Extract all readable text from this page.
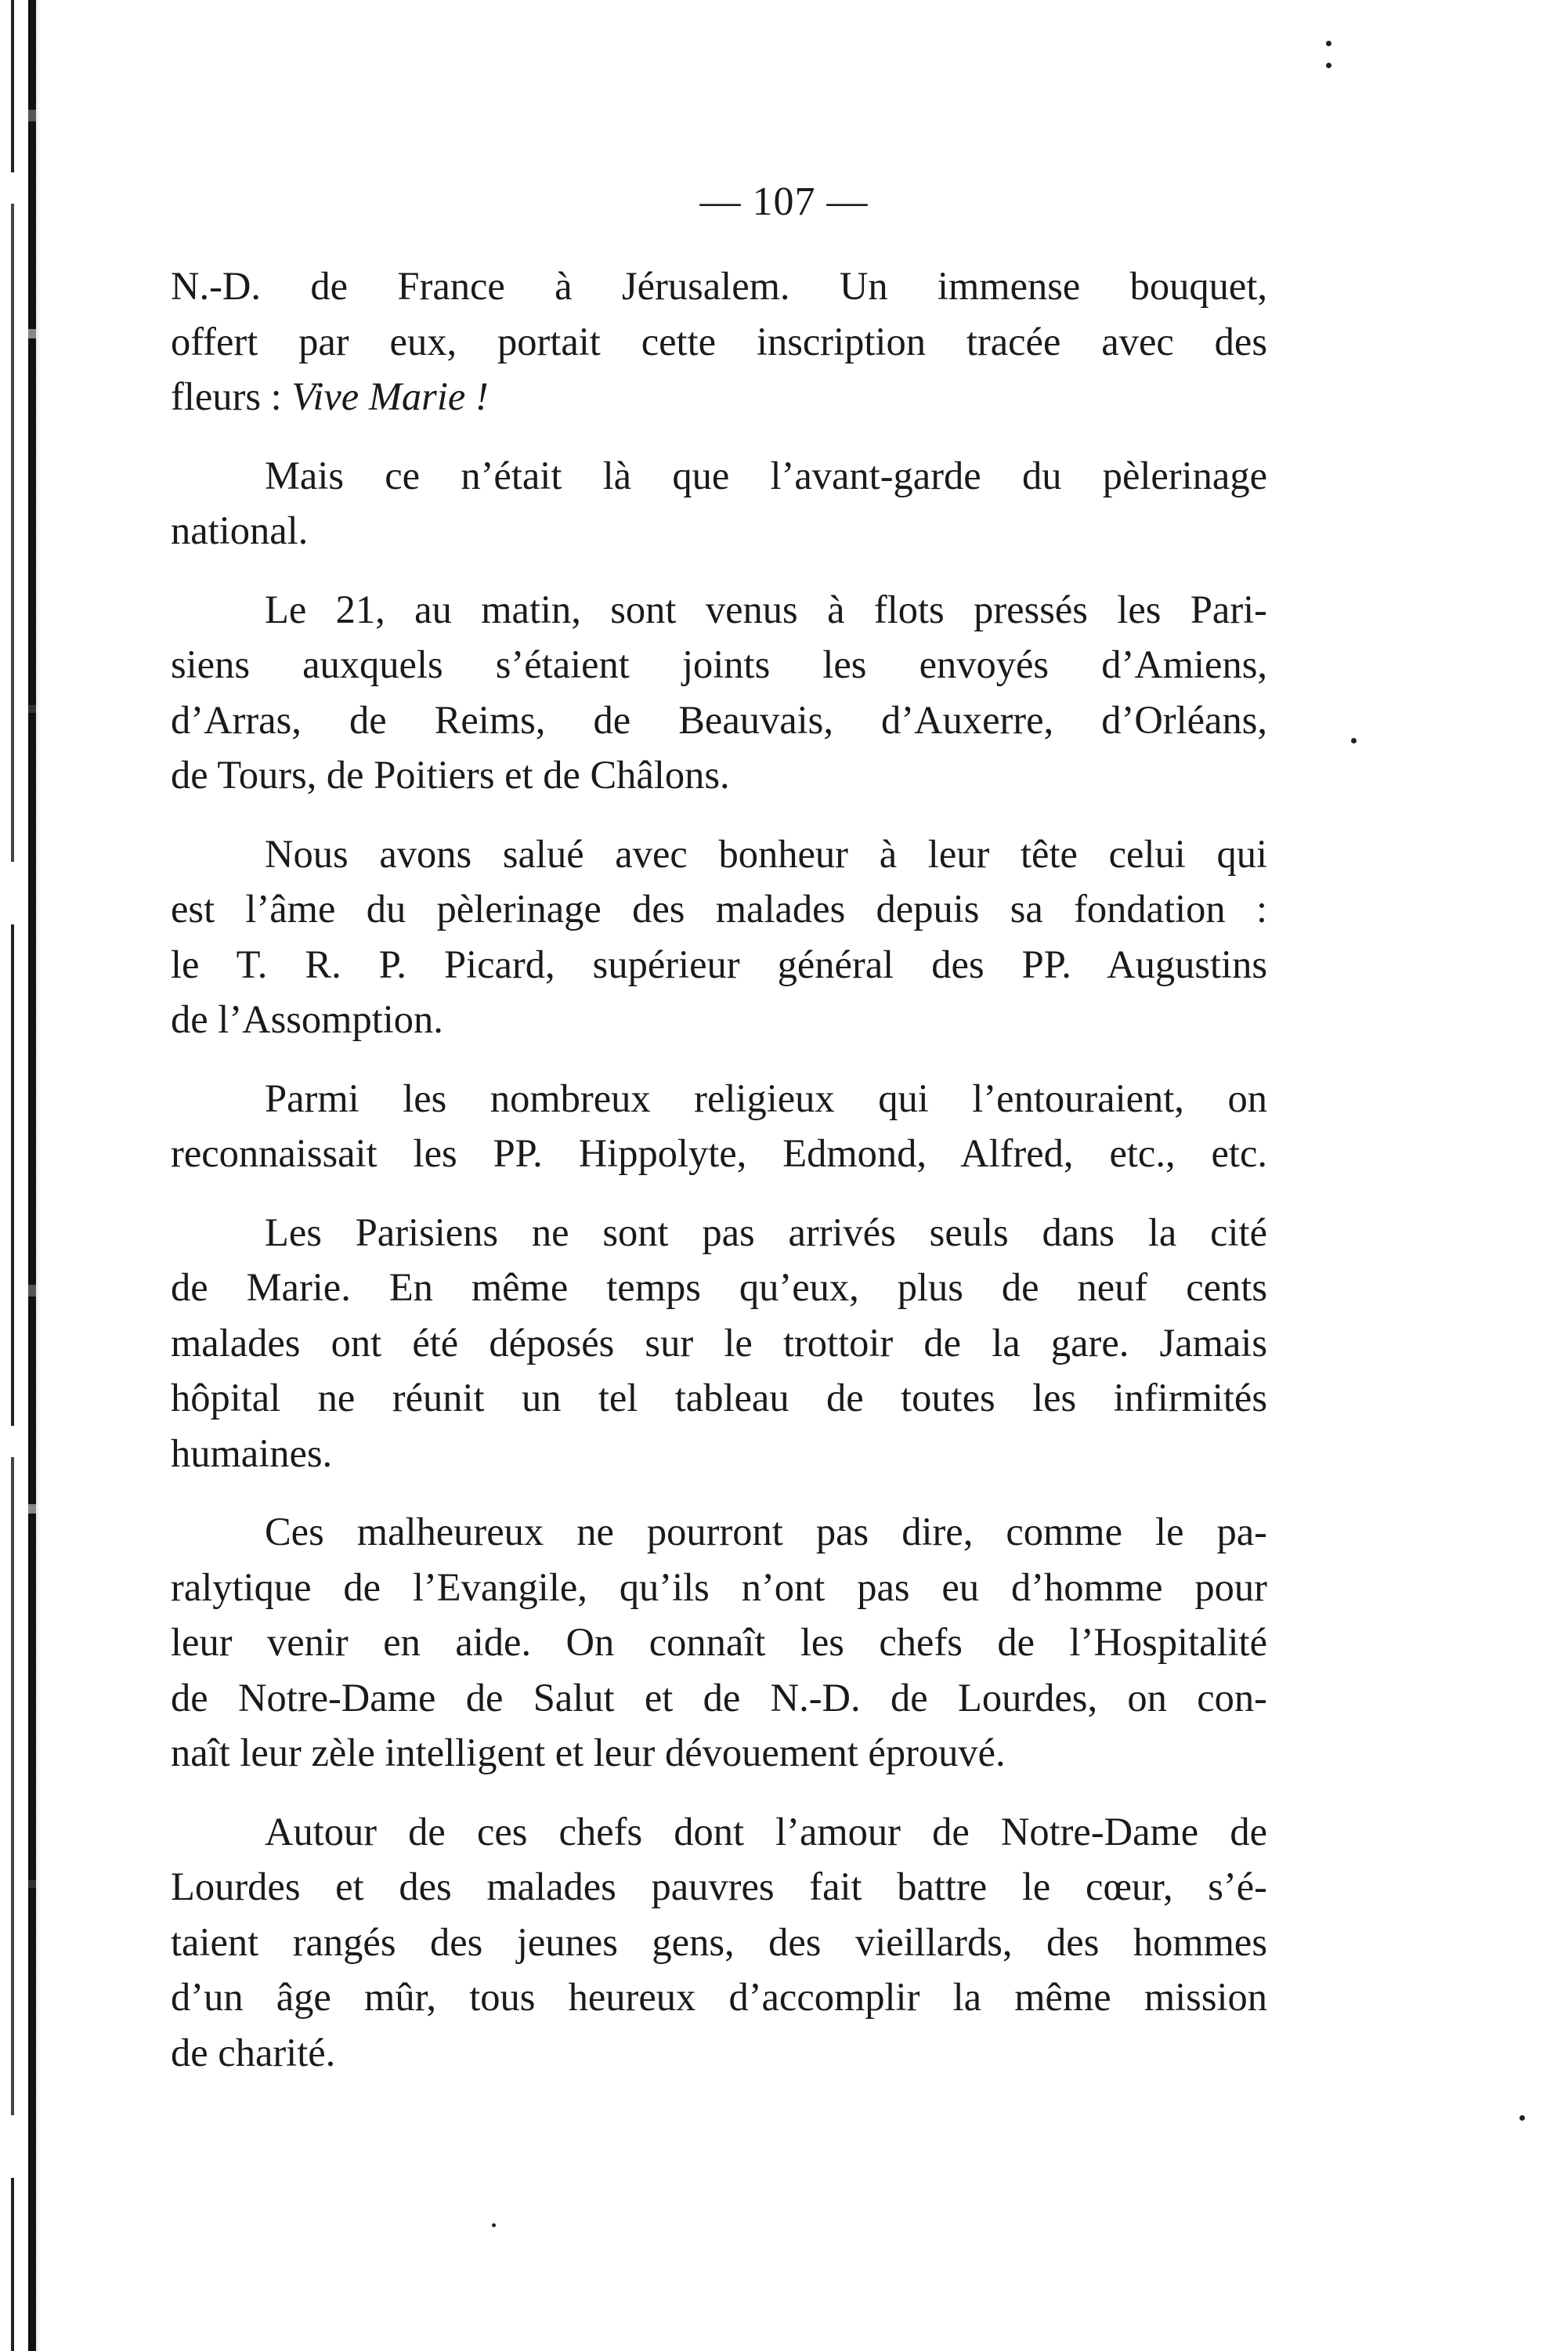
— 107 —

N.-D. de France à Jérusalem. Un immense bouquet,
offert par eux, portait cette inscription tracée avec des
fleurs : Vive Marie !

Mais ce n’était là que l’avant-garde du pèlerinage
national.

Le 21, au matin, sont venus à flots pressés les Pari-
siens auxquels s’étaient joints les envoyés d’Amiens,
d’Arras, de Reims, de Beauvais, d’Auxerre, d’Orléans,
de Tours, de Poitiers et de Châlons.

Nous avons salué avec bonheur à leur tête celui qui
est l’âme du pèlerinage des malades depuis sa fondation :
le T. R. P. Picard, supérieur général des PP. Augustins
de l’Assomption.

Parmi les nombreux religieux qui l’entouraient, on
reconnaissait les PP. Hippolyte, Edmond, Alfred, etc., etc.

Les Parisiens ne sont pas arrivés seuls dans la cité
de Marie. En même temps qu’eux, plus de neuf cents
malades ont été déposés sur le trottoir de la gare. Jamais
hôpital ne réunit un tel tableau de toutes les infirmités
humaines.

Ces malheureux ne pourront pas dire, comme le pa-
ralytique de l’Evangile, qu’ils n’ont pas eu d’homme pour
leur venir en aide. On connaît les chefs de l’Hospitalité
de Notre-Dame de Salut et de N.-D. de Lourdes, on con-
naît leur zèle intelligent et leur dévouement éprouvé.

Autour de ces chefs dont l’amour de Notre-Dame de
Lourdes et des malades pauvres fait battre le cœur, s’é-
taient rangés des jeunes gens, des vieillards, des hommes
d’un âge mûr, tous heureux d’accomplir la même mission
de charité.
